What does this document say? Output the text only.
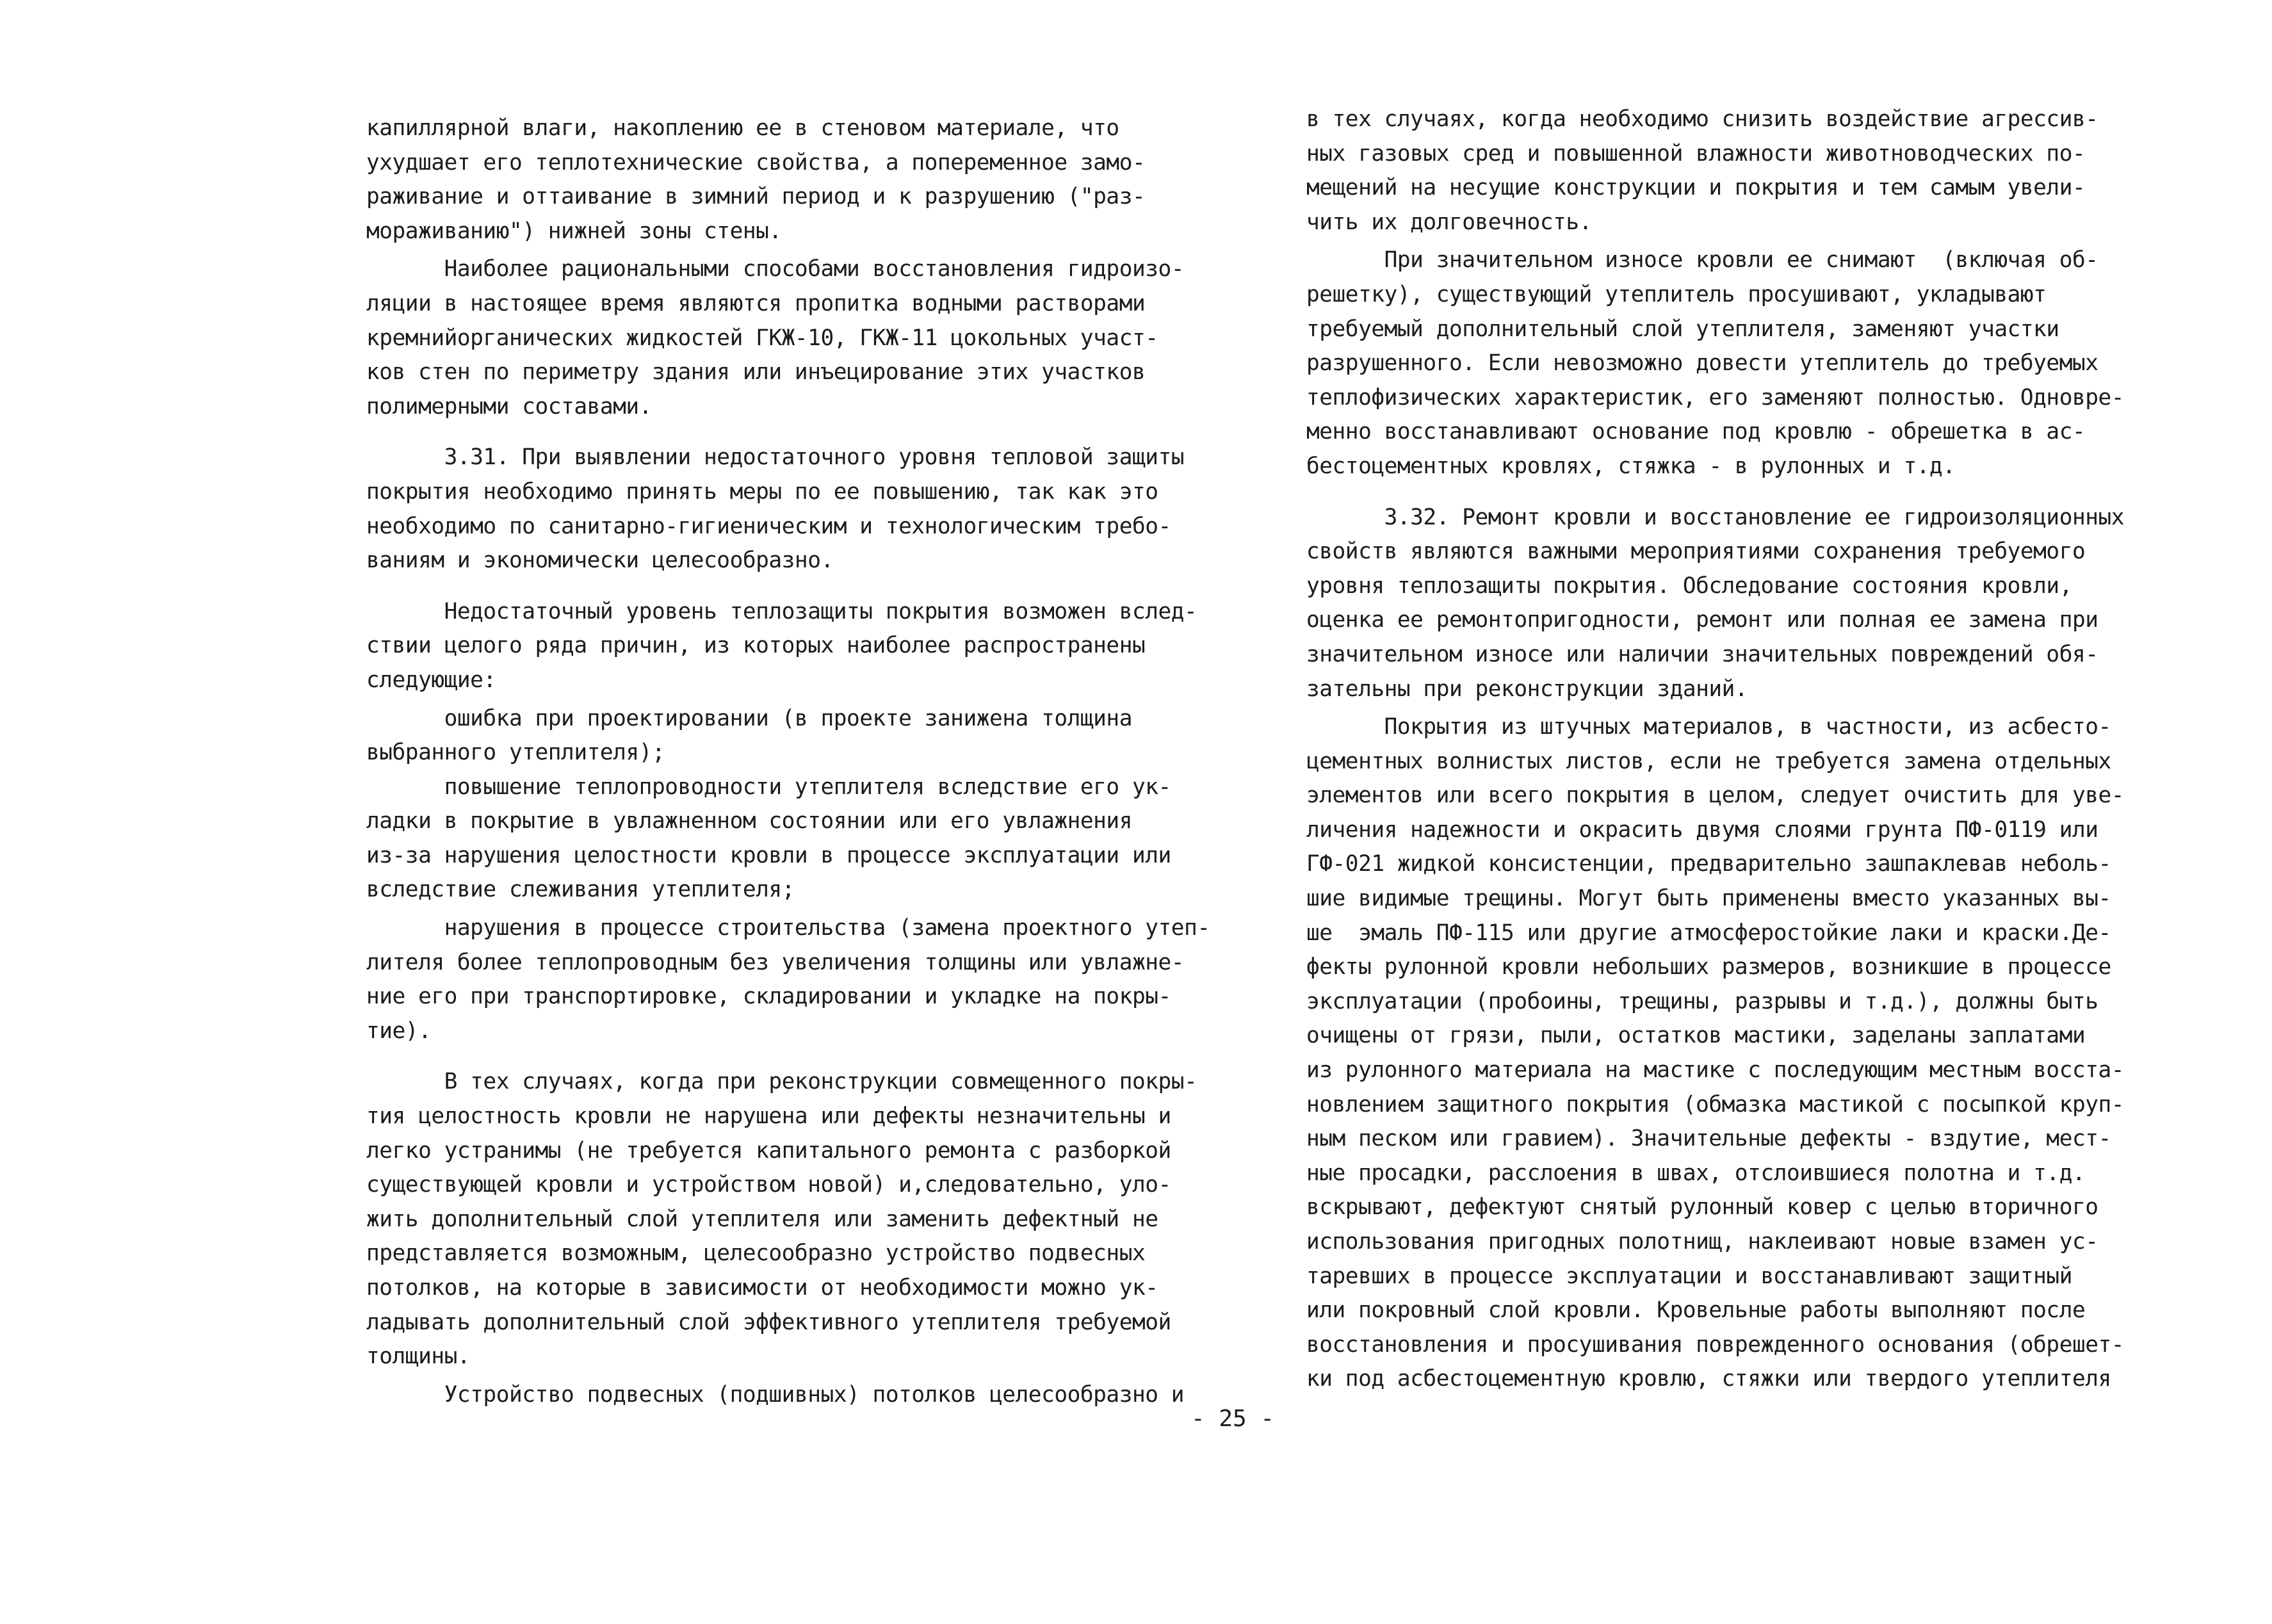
капиллярной влаги, накоплению ее в стеновом материале, что
ухудшает его теплотехнические свойства, а попеременное замо-
раживание и оттаивание в зимний период и к разрушению ("раз-
мораживанию") нижней зоны стены.

Наиболее рациональными способами восстановления гидроизо-
ляции в настоящее время являются пропитка водными растворами
кремнийорганических жидкостей ГКЖ-10, ГКЖ-11 цокольных участ-
ков стен по периметру здания или инъецирование этих участков
полимерными составами.

3.31. При выявлении недостаточного уровня тепловой защиты
покрытия необходимо принять меры по ее повышению, так как это
необходимо по санитарно-гигиеническим и технологическим требо-
ваниям и экономически целесообразно.

Недостаточный уровень теплозащиты покрытия возможен вслед-
ствии целого ряда причин, из которых наиболее распространены
следующие:

ошибка при проектировании (в проекте занижена толщина
выбранного утеплителя);

повышение теплопроводности утеплителя вследствие его ук-
ладки в покрытие в увлажненном состоянии или его увлажнения
из-за нарушения целостности кровли в процессе эксплуатации или
вследствие слеживания утеплителя;

нарушения в процессе строительства (замена проектного утеп-
лителя более теплопроводным без увеличения толщины или увлажне-
ние его при транспортировке, складировании и укладке на покры-
тие).

В тех случаях, когда при реконструкции совмещенного покры-
тия целостность кровли не нарушена или дефекты незначительны и
легко устранимы (не требуется капитального ремонта с разборкой
существующей кровли и устройством новой) и,следовательно, уло-
жить дополнительный слой утеплителя или заменить дефектный не
представляется возможным, целесообразно устройство подвесных
потолков, на которые в зависимости от необходимости можно ук-
ладывать дополнительный слой эффективного утеплителя требуемой
толщины.

Устройство подвесных (подшивных) потолков целесообразно и

в тех случаях, когда необходимо снизить воздействие агрессив-
ных газовых сред и повышенной влажности животноводческих по-
мещений на несущие конструкции и покрытия и тем самым увели-
чить их долговечность.

При значительном износе кровли ее снимают  (включая об-
решетку), существующий утеплитель просушивают, укладывают
требуемый дополнительный слой утеплителя, заменяют участки
разрушенного. Если невозможно довести утеплитель до требуемых
теплофизических характеристик, его заменяют полностью. Одновре-
менно восстанавливают основание под кровлю - обрешетка в ас-
бестоцементных кровлях, стяжка - в рулонных и т.д.

3.32. Ремонт кровли и восстановление ее гидроизоляционных
свойств являются важными мероприятиями сохранения требуемого
уровня теплозащиты покрытия. Обследование состояния кровли,
оценка ее ремонтопригодности, ремонт или полная ее замена при
значительном износе или наличии значительных повреждений обя-
зательны при реконструкции зданий.

Покрытия из штучных материалов, в частности, из асбесто-
цементных волнистых листов, если не требуется замена отдельных
элементов или всего покрытия в целом, следует очистить для уве-
личения надежности и окрасить двумя слоями грунта ПФ-0119 или
ГФ-021 жидкой консистенции, предварительно зашпаклевав неболь-
шие видимые трещины. Могут быть применены вместо указанных вы-
ше  эмаль ПФ-115 или другие атмосферостойкие лаки и краски.Де-
фекты рулонной кровли небольших размеров, возникшие в процессе
эксплуатации (пробоины, трещины, разрывы и т.д.), должны быть
очищены от грязи, пыли, остатков мастики, заделаны заплатами
из рулонного материала на мастике с последующим местным восста-
новлением защитного покрытия (обмазка мастикой с посыпкой круп-
ным песком или гравием). Значительные дефекты - вздутие, мест-
ные просадки, расслоения в швах, отслоившиеся полотна и т.д.
вскрывают, дефектуют снятый рулонный ковер с целью вторичного
использования пригодных полотнищ, наклеивают новые взамен ус-
таревших в процессе эксплуатации и восстанавливают защитный
или покровный слой кровли. Кровельные работы выполняют после
восстановления и просушивания поврежденного основания (обрешет-
ки под асбестоцементную кровлю, стяжки или твердого утеплителя

- 25 -
